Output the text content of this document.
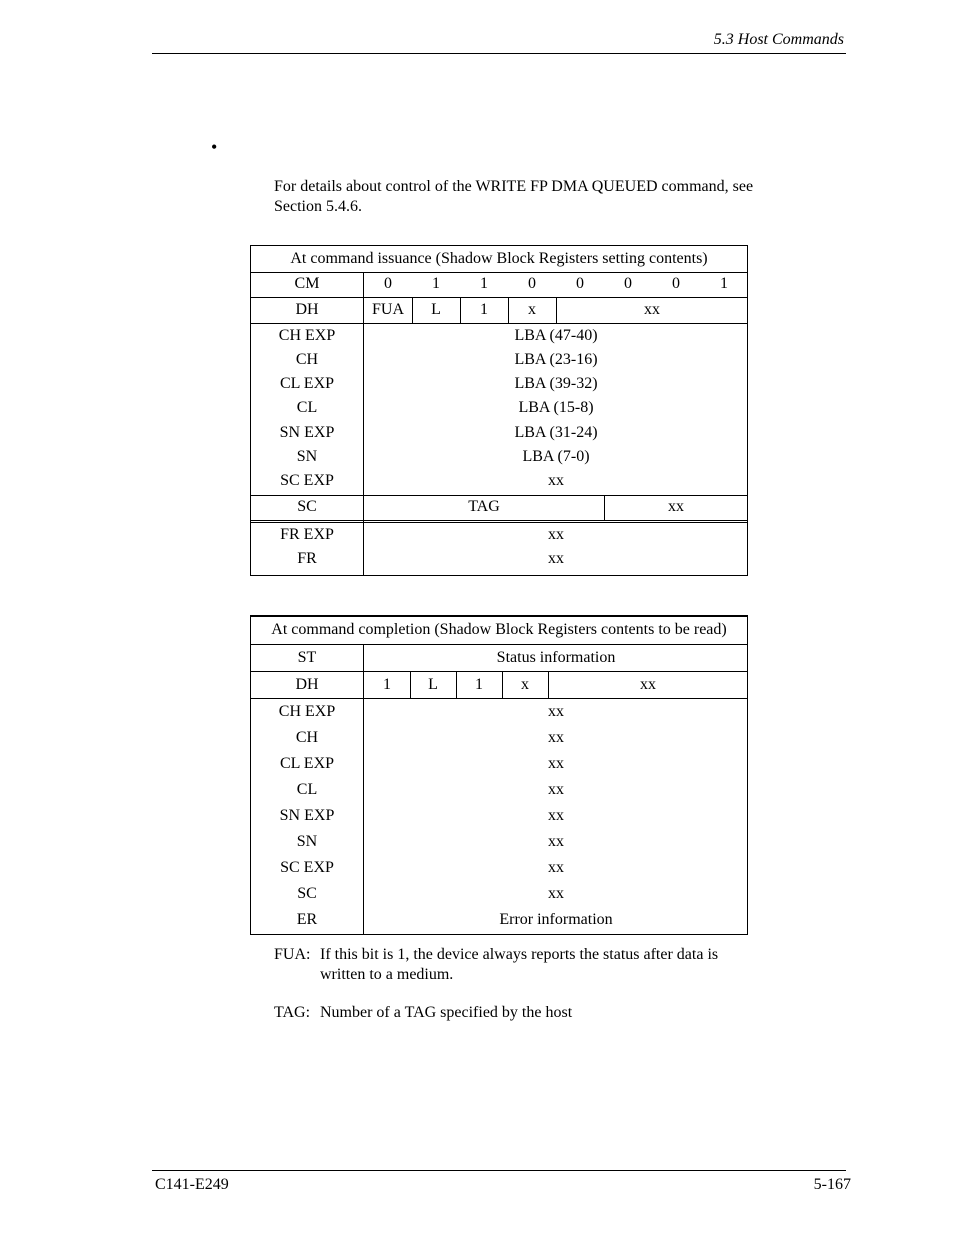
5.3 Host Commands
•
For details about control of the WRITE FP DMA QUEUED command, see Section 5.4.6.
At command issuance (Shadow Block Registers setting contents)
CM	0	1	1	0	0	0	0	1
DH	FUA	L	1	x	xx
CH EXP	LBA (47-40)
CH	LBA (23-16)
CL EXP	LBA (39-32)
CL	LBA (15-8)
SN EXP	LBA (31-24)
SN	LBA (7-0)
SC EXP	xx
SC	TAG	xx
FR EXP	xx
FR	xx
At command completion (Shadow Block Registers contents to be read)
ST	Status information
DH	1	L	1	x	xx
CH EXP	xx
CH	xx
CL EXP	xx
CL	xx
SN EXP	xx
SN	xx
SC EXP	xx
SC	xx
ER	Error information
FUA: If this bit is 1, the device always reports the status after data is written to a medium.
TAG: Number of a TAG specified by the host
C141-E249	5-167
